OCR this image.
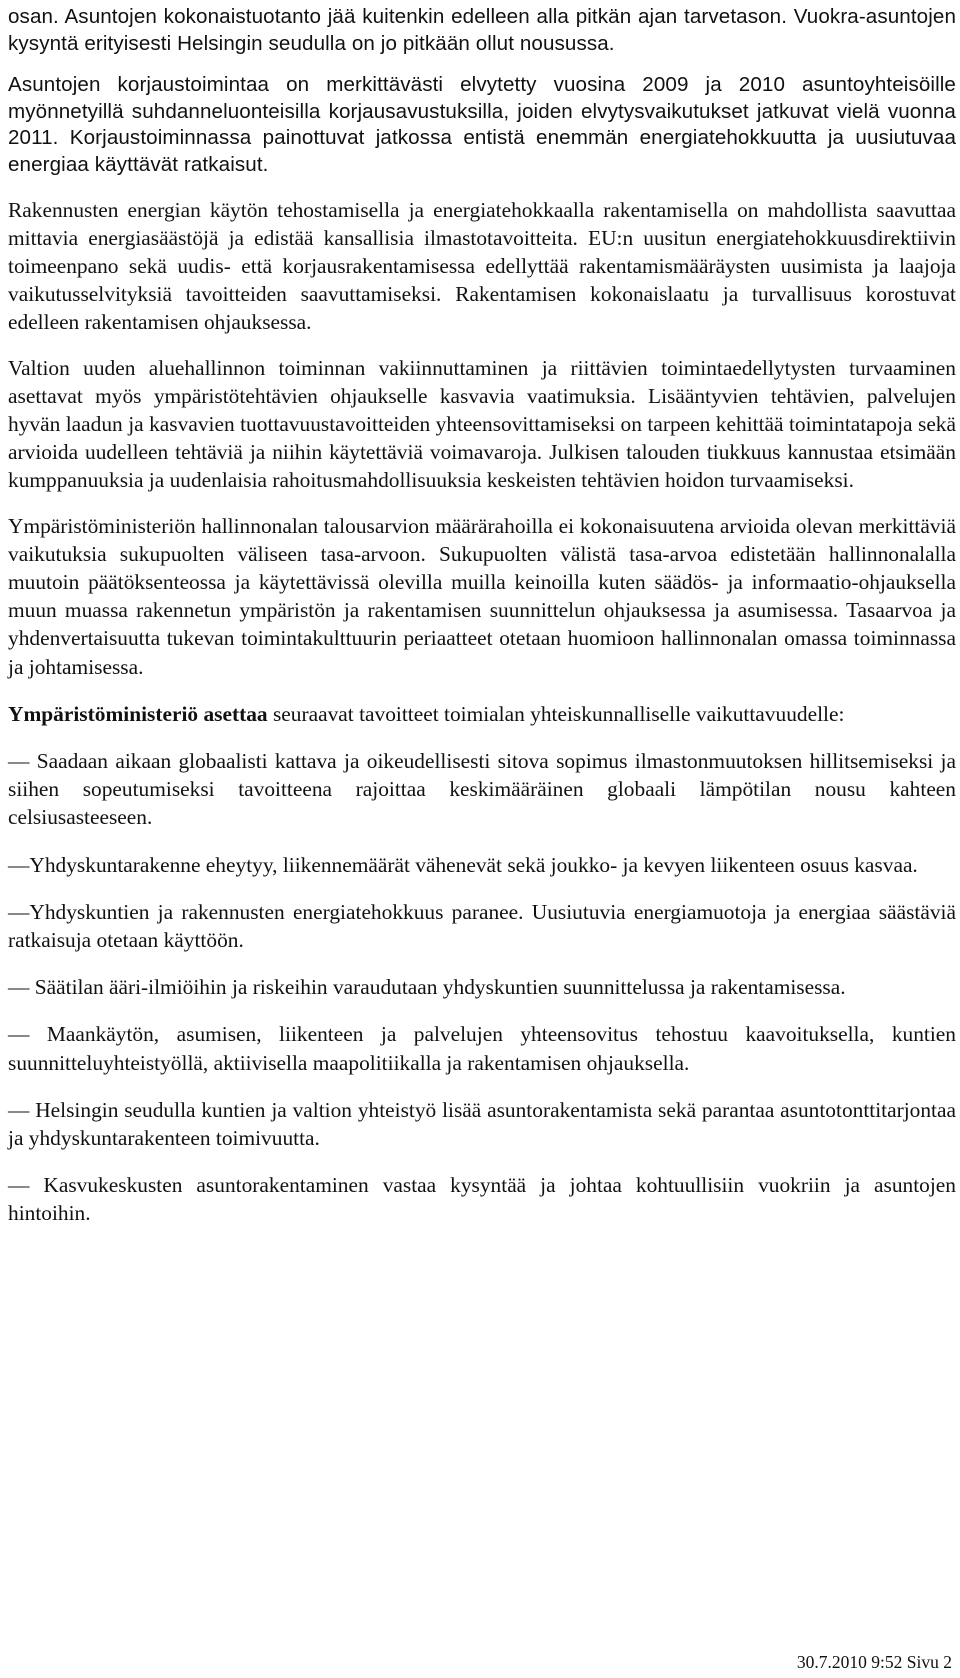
osan. Asuntojen kokonaistuotanto jää kuitenkin edelleen alla pitkän ajan tarvetason. Vuokra-asuntojen kysyntä erityisesti Helsingin seudulla on jo pitkään ollut nousussa.

Asuntojen korjaustoimintaa on merkittävästi elvytetty vuosina 2009 ja 2010 asuntoyhteisöille myönnetyillä suhdanneluonteisilla korjausavustuksilla, joiden elvytysvaikutukset jatkuvat vielä vuonna 2011. Korjaustoiminnassa painottuvat jatkossa entistä enemmän energiatehokkuutta ja uusiutuvaa energiaa käyttävät ratkaisut.

Rakennusten energian käytön tehostamisella ja energiatehokkaalla rakentamisella on mahdollista saavuttaa mittavia energiasäästöjä ja edistää kansallisia ilmastotavoitteita. EU:n uusitun energiatehokkuusdirektiivin toimeenpano sekä uudis- että korjausrakentamisessa edellyttää rakentamismääräysten uusimista ja laajoja vaikutusselvityksiä tavoitteiden saavuttamiseksi. Rakentamisen kokonaislaatu ja turvallisuus korostuvat edelleen rakentamisen ohjauksessa.

Valtion uuden aluehallinnon toiminnan vakiinnuttaminen ja riittävien toimintaedellytysten turvaaminen asettavat myös ympäristötehtävien ohjaukselle kasvavia vaatimuksia. Lisääntyvien tehtävien, palvelujen hyvän laadun ja kasvavien tuottavuustavoitteiden yhteensovittamiseksi on tarpeen kehittää toimintatapoja sekä arvioida uudelleen tehtäviä ja niihin käytettäviä voimavaroja. Julkisen talouden tiukkuus kannustaa etsimään kumppanuuksia ja uudenlaisia rahoitusmahdollisuuksia keskeisten tehtävien hoidon turvaamiseksi.

Ympäristöministeriön hallinnonalan talousarvion määrärahoilla ei kokonaisuutena arvioida olevan merkittäviä vaikutuksia sukupuolten väliseen tasa-arvoon. Sukupuolten välistä tasa-arvoa edistetään hallinnonalalla muutoin päätöksenteossa ja käytettävissä olevilla muilla keinoilla kuten säädös- ja informaatio-ohjauksella muun muassa rakennetun ympäristön ja rakentamisen suunnittelun ohjauksessa ja asumisessa. Tasaarvoa ja yhdenvertaisuutta tukevan toimintakulttuurin periaatteet otetaan huomioon hallinnonalan omassa toiminnassa ja johtamisessa.

Ympäristöministeriö asettaa seuraavat tavoitteet toimialan yhteiskunnalliselle vaikuttavuudelle:

— Saadaan aikaan globaalisti kattava ja oikeudellisesti sitova sopimus ilmastonmuutoksen hillitsemiseksi ja siihen sopeutumiseksi tavoitteena rajoittaa keskimääräinen globaali lämpötilan nousu kahteen celsiusasteeseen.

—Yhdyskuntarakenne eheytyy, liikennemäärät vähenevät sekä joukko- ja kevyen liikenteen osuus kasvaa.

—Yhdyskuntien ja rakennusten energiatehokkuus paranee. Uusiutuvia energiamuotoja ja energiaa säästäviä ratkaisuja otetaan käyttöön.

— Säätilan ääri-ilmiöihin ja riskeihin varaudutaan yhdyskuntien suunnittelussa ja rakentamisessa.

— Maankäytön, asumisen, liikenteen ja palvelujen yhteensovitus tehostuu kaavoituksella, kuntien suunnitteluyhteistyöllä, aktiivisella maapolitiikalla ja rakentamisen ohjauksella.

— Helsingin seudulla kuntien ja valtion yhteistyö lisää asuntorakentamista sekä parantaa asuntotonttitarjontaa ja yhdyskuntarakenteen toimivuutta.

— Kasvukeskusten asuntorakentaminen vastaa kysyntää ja johtaa kohtuullisiin vuokriin ja asuntojen hintoihin.

30.7.2010 9:52 Sivu 2
